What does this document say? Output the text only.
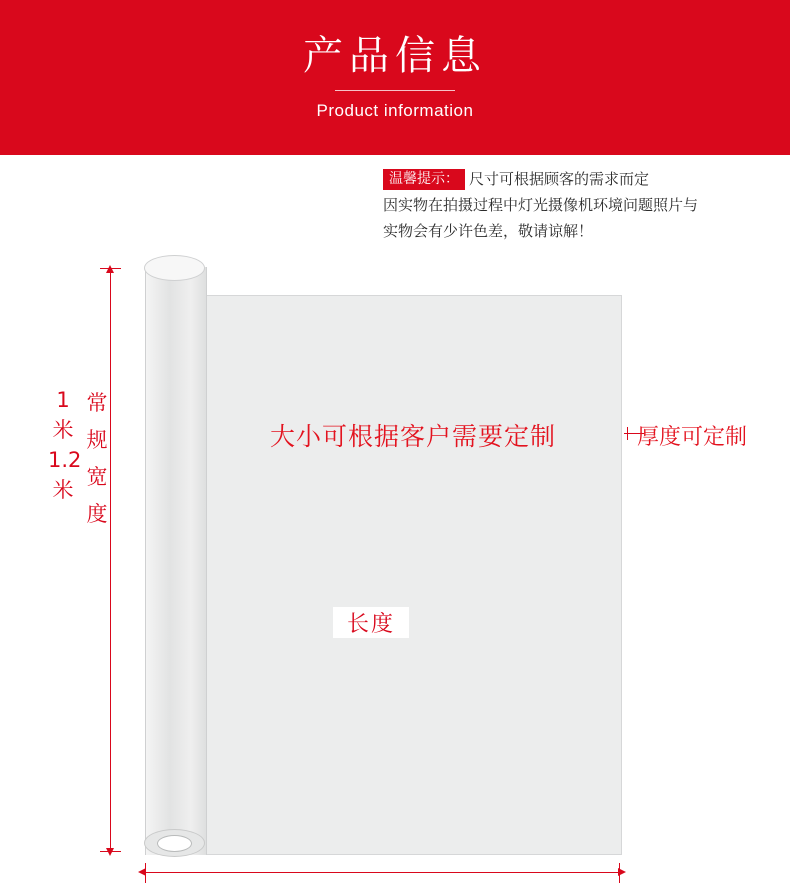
产品信息
Product information
温馨提示： 尺寸可根据顾客的需求而定
因实物在拍摄过程中灯光摄像机环境问题照片与
实物会有少许色差，敬请谅解！
大小可根据客户需要定制
1
米
1.2
米
常
规
宽
度
长度
厚度可定制
